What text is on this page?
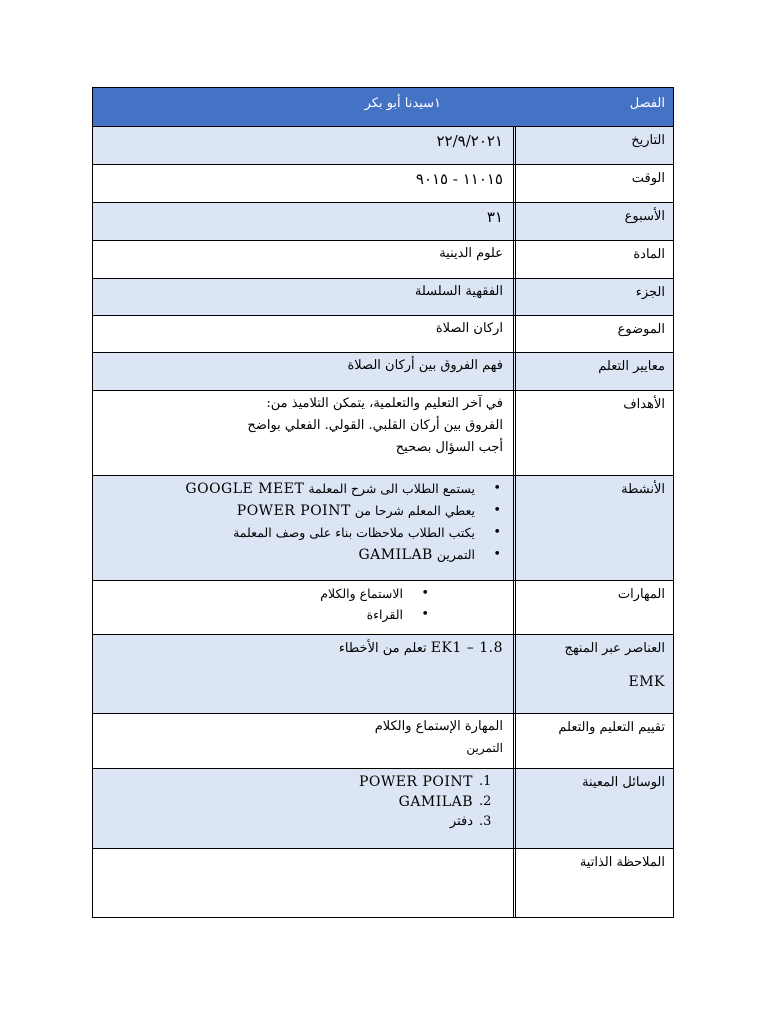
الفصل
١سيدنا أبو بكر
التاريخ
٢٢/٩/٢٠٢١
الوقت
١١٠١٥ - ٩٠١٥
الأسبوع
٣١
المادة
علوم الدينية
الجزء
الفقهية السلسلة
الموضوع
اركان الصلاة
معايير التعلم
فهم الفروق بين أركان الصلاة
الأهداف

في آخر التعليم والتعلمية، يتمكن التلاميذ من:

الفروق بين أركان القلبي. القولي. الفعلي بواضح

أجب السؤال بصحيح

الأنشطة
• يستمع الطلاب الى شرح المعلمة GOOGLE MEET
• يعطي المعلم شرحا من POWER POINT
• يكتب الطلاب ملاحظات بناء على وصف المعلمة
• التمرين GAMILAB
المهارات
• الاستماع والكلام
• القراءة
العناصر عبر المنهج
EMK
EK1 – 1.8 تعلم من الأخطاء
تقييم التعليم والتعلم

المهارة الإستماع والكلام

التمرين

الوسائل المعينة
1.
POWER POINT
2.
GAMILAB
3.
دفتر
الملاحظة الذاتية
